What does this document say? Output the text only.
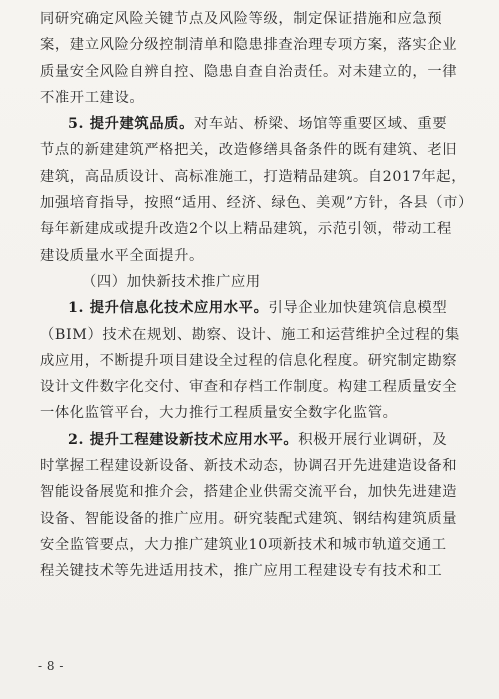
同研究确定风险关键节点及风险等级，制定保证措施和应急预
案，建立风险分级控制清单和隐患排查治理专项方案，落实企业
质量安全风险自辨自控、隐患自查自治责任。对未建立的，一律
不准开工建设。
5. 提升建筑品质。对车站、桥梁、场馆等重要区域、重要
节点的新建建筑严格把关，改造修缮具备条件的既有建筑、老旧
建筑，高品质设计、高标准施工，打造精品建筑。自2017年起，
加强培育指导，按照“适用、经济、绿色、美观”方针，各县（市）
每年新建成或提升改造2个以上精品建筑，示范引领，带动工程
建设质量水平全面提升。
（四）加快新技术推广应用
1. 提升信息化技术应用水平。引导企业加快建筑信息模型
（BIM）技术在规划、勘察、设计、施工和运营维护全过程的集
成应用，不断提升项目建设全过程的信息化程度。研究制定勘察
设计文件数字化交付、审查和存档工作制度。构建工程质量安全
一体化监管平台，大力推行工程质量安全数字化监管。
2. 提升工程建设新技术应用水平。积极开展行业调研，及
时掌握工程建设新设备、新技术动态，协调召开先进建造设备和
智能设备展览和推介会，搭建企业供需交流平台，加快先进建造
设备、智能设备的推广应用。研究装配式建筑、钢结构建筑质量
安全监管要点，大力推广建筑业10项新技术和城市轨道交通工
程关键技术等先进适用技术，推广应用工程建设专有技术和工
- 8 -
